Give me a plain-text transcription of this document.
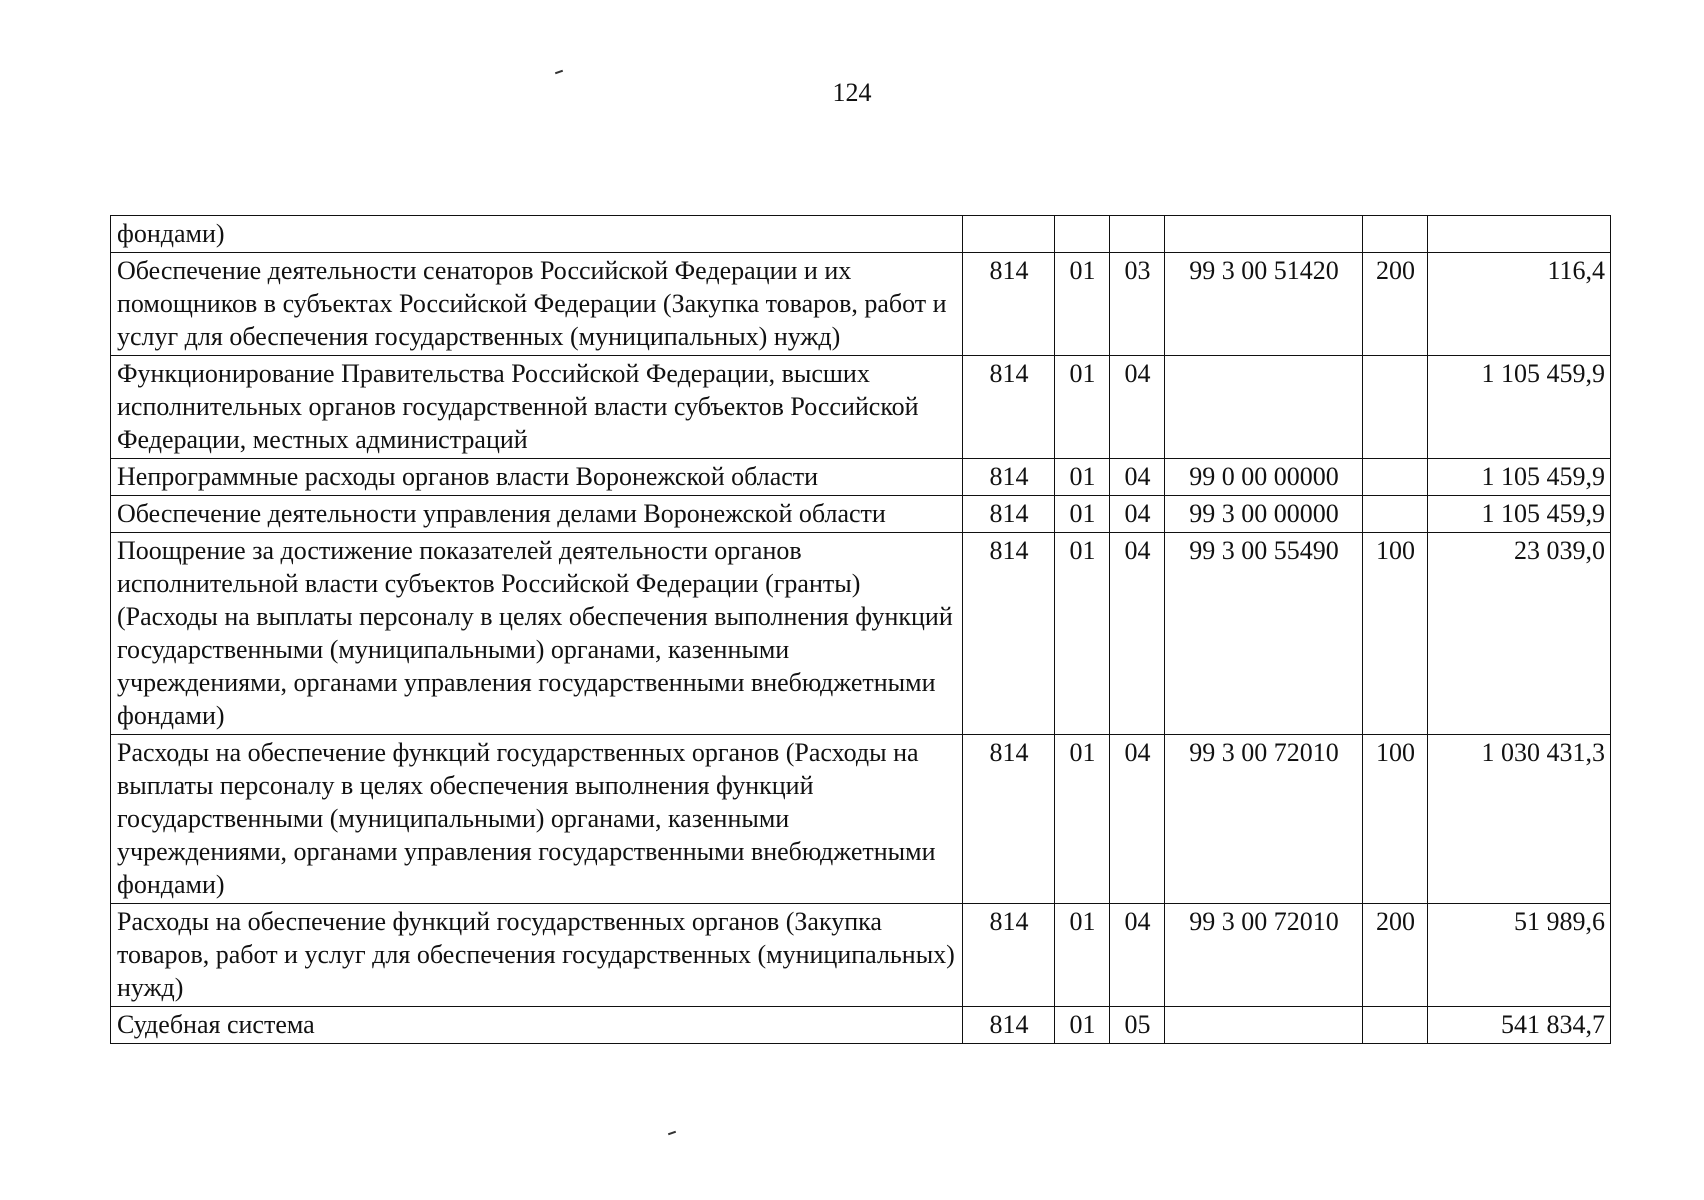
124
фондами)						
Обеспечение деятельности сенаторов Российской Федерации и их помощников в субъектах Российской Федерации (Закупка товаров, работ и услуг для обеспечения государственных (муниципальных) нужд)	814	01	03	99 3 00 51420	200	116,4
Функционирование Правительства Российской Федерации, высших исполнительных органов государственной власти субъектов Российской Федерации, местных администраций	814	01	04			1 105 459,9
Непрограммные расходы органов власти Воронежской области	814	01	04	99 0 00 00000		1 105 459,9
Обеспечение деятельности управления делами Воронежской области	814	01	04	99 3 00 00000		1 105 459,9
Поощрение за достижение показателей деятельности органов исполнительной власти субъектов Российской Федерации (гранты) (Расходы на выплаты персоналу в целях обеспечения выполнения функций государственными (муниципальными) органами, казенными учреждениями, органами управления государственными внебюджетными фондами)	814	01	04	99 3 00 55490	100	23 039,0
Расходы на обеспечение функций государственных органов (Расходы на выплаты персоналу в целях обеспечения выполнения функций государственными (муниципальными) органами, казенными учреждениями, органами управления государственными внебюджетными фондами)	814	01	04	99 3 00 72010	100	1 030 431,3
Расходы на обеспечение функций государственных органов (Закупка товаров, работ и услуг для обеспечения государственных (муниципальных) нужд)	814	01	04	99 3 00 72010	200	51 989,6
Судебная система	814	01	05			541 834,7
